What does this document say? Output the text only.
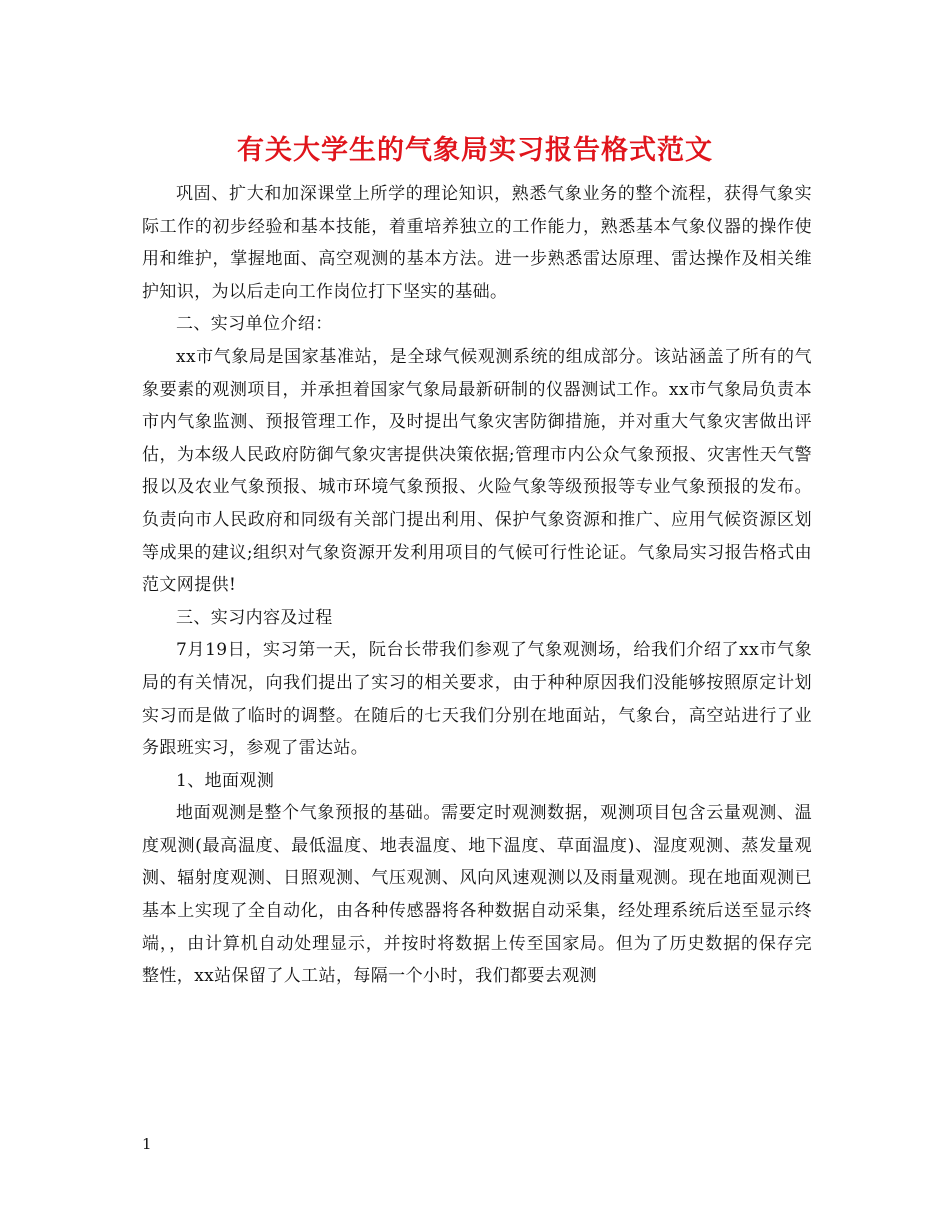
有关大学生的气象局实习报告格式范文

巩固、扩大和加深课堂上所学的理论知识，熟悉气象业务的整个流程，获得气象实际工作的初步经验和基本技能，着重培养独立的工作能力，熟悉基本气象仪器的操作使用和维护，掌握地面、高空观测的基本方法。进一步熟悉雷达原理、雷达操作及相关维护知识，为以后走向工作岗位打下坚实的基础。

二、实习单位介绍：

xx市气象局是国家基准站，是全球气候观测系统的组成部分。该站涵盖了所有的气象要素的观测项目，并承担着国家气象局最新研制的仪器测试工作。xx市气象局负责本市内气象监测、预报管理工作，及时提出气象灾害防御措施，并对重大气象灾害做出评估，为本级人民政府防御气象灾害提供决策依据;管理市内公众气象预报、灾害性天气警报以及农业气象预报、城市环境气象预报、火险气象等级预报等专业气象预报的发布。负责向市人民政府和同级有关部门提出利用、保护气象资源和推广、应用气候资源区划等成果的建议;组织对气象资源开发利用项目的气候可行性论证。气象局实习报告格式由范文网提供!

三、实习内容及过程

7月19日，实习第一天，阮台长带我们参观了气象观测场，给我们介绍了xx市气象局的有关情况，向我们提出了实习的相关要求，由于种种原因我们没能够按照原定计划实习而是做了临时的调整。在随后的七天我们分别在地面站，气象台，高空站进行了业务跟班实习，参观了雷达站。

1、地面观测

地面观测是整个气象预报的基础。需要定时观测数据，观测项目包含云量观测、温度观测(最高温度、最低温度、地表温度、地下温度、草面温度)、湿度观测、蒸发量观测、辐射度观测、日照观测、气压观测、风向风速观测以及雨量观测。现在地面观测已基本上实现了全自动化，由各种传感器将各种数据自动采集，经处理系统后送至显示终端，，由计算机自动处理显示，并按时将数据上传至国家局。但为了历史数据的保存完整性，xx站保留了人工站，每隔一个小时，我们都要去观测

1
